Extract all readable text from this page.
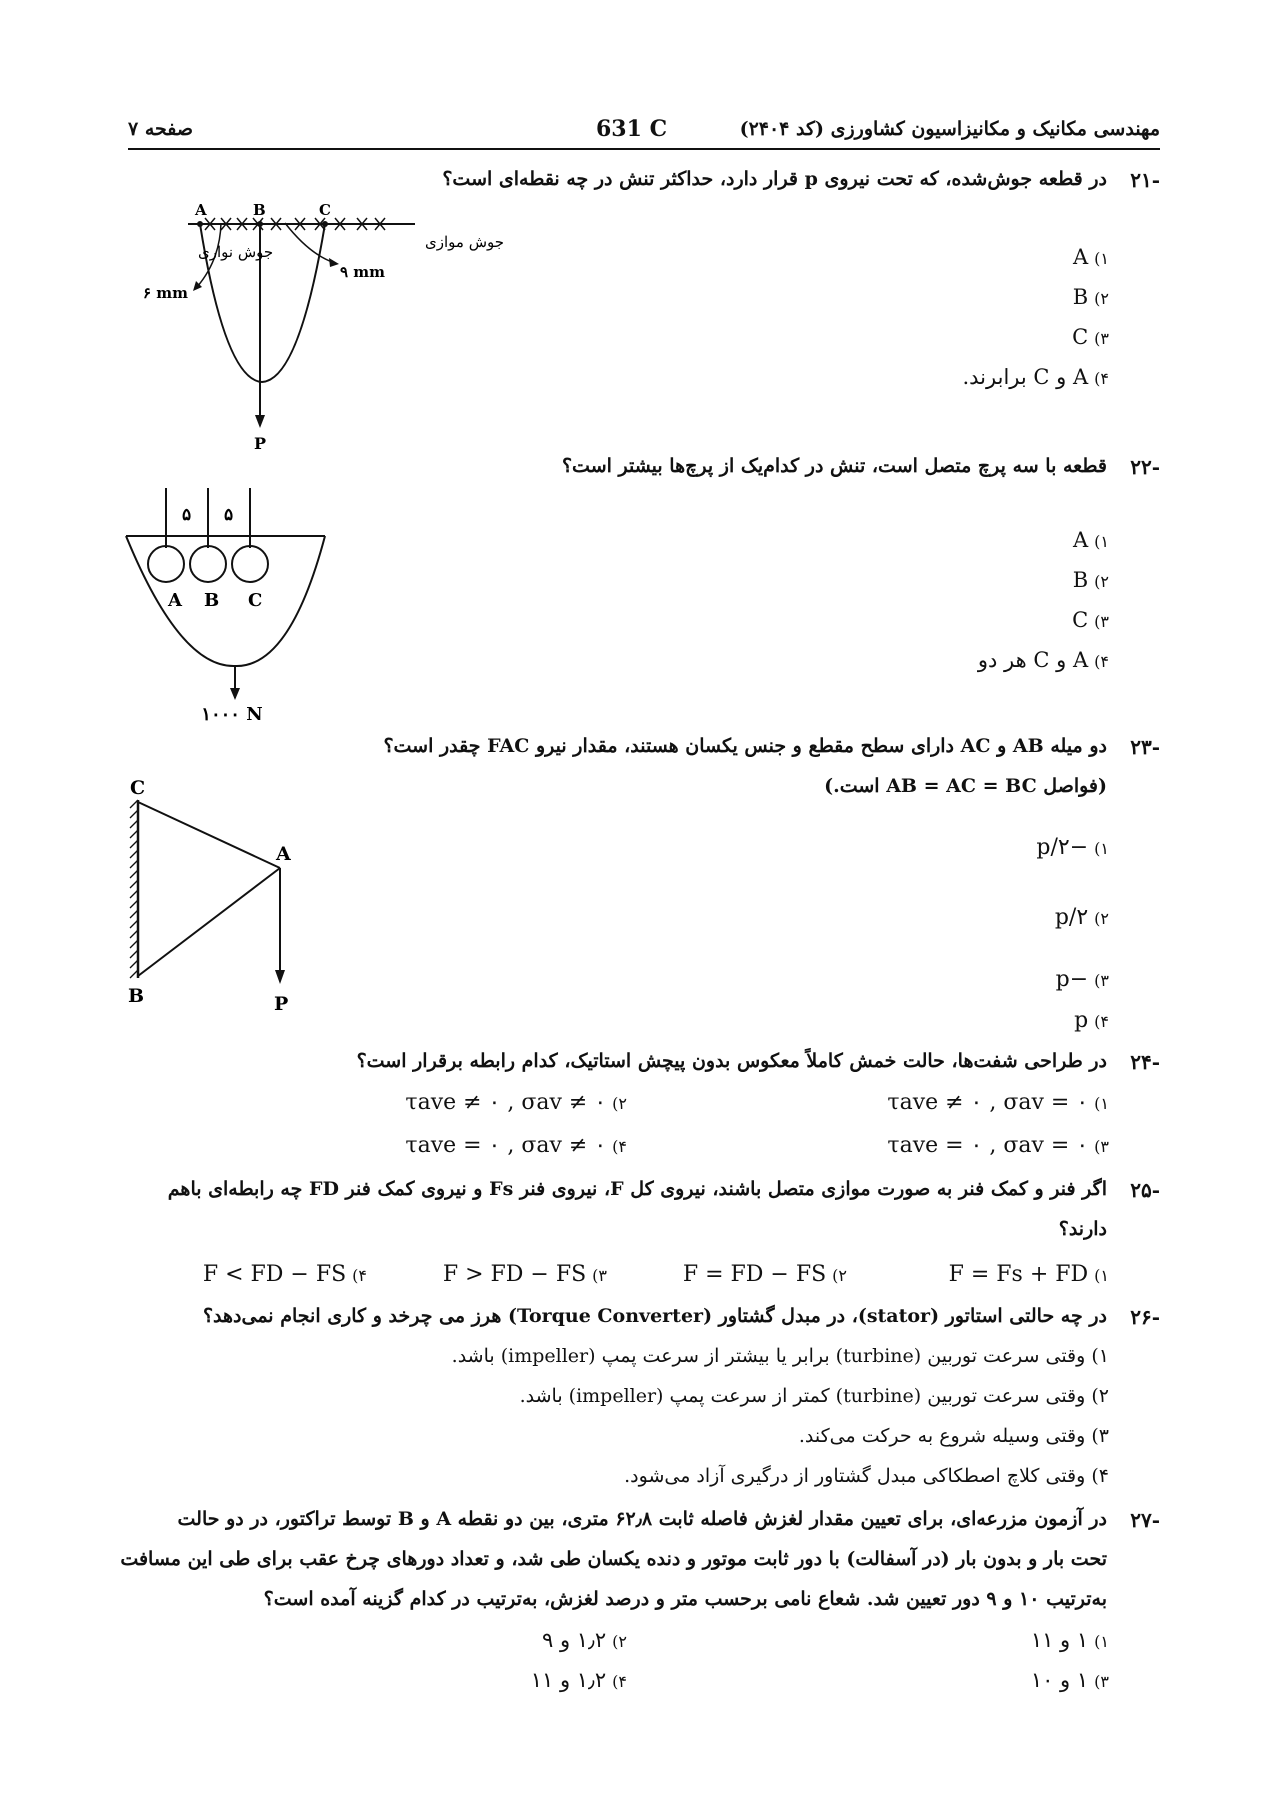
مهندسی مکانیک و مکانیزاسیون کشاورزی (کد ۲۴۰۴)
631 C
صفحه ۷
۲۱-
در قطعه جوش‌شده، که تحت نیروی p قرار دارد، حداکثر تنش در چه نقطه‌ای است؟
A	B	C
جوش نواری
جوش موازی
۶ mm
۹ mm
P
۱)A
۲)B
۳)C
۴)A و C برابرند.
۲۲-
قطعه با سه پرچ متصل است، تنش در کدام‌یک از پرچ‌ها بیشتر است؟
۵ ۵
A B C
۱۰۰۰ N
۱)A
۲)B
۳)C
۴)A و C هر دو
۲۳-
دو میله AB و AC دارای سطح مقطع و جنس یکسان هستند، مقدار نیرو FAC چقدر است؟
(فواصل AB = AC = BC است.)
C
A
B	P
۱)−p/۲
۲)p/۲
۳)−p
۴)p
۲۴-
در طراحی شفت‌ها، حالت خمش کاملاً معکوس بدون پیچش استاتیک، کدام رابطه برقرار است؟
۱)τave ≠ ۰ , σav = ۰
۲)τave ≠ ۰ , σav ≠ ۰
۳)τave = ۰ , σav = ۰
۴)τave = ۰ , σav ≠ ۰
۲۵-
اگر فنر و کمک فنر به صورت موازی متصل باشند، نیروی کل F، نیروی فنر Fs و نیروی کمک فنر FD چه رابطه‌ای باهم
دارند؟
۱)F = Fs + FD
۲)F = FD − FS
۳)F > FD − FS
۴)F < FD − FS
۲۶-
در چه حالتی استاتور (stator)، در مبدل گشتاور (Torque Converter) هرز می چرخد و کاری انجام نمی‌دهد؟
۱) وقتی سرعت توربین (turbine) برابر یا بیشتر از سرعت پمپ (impeller) باشد.
۲) وقتی سرعت توربین (turbine) کمتر از سرعت پمپ (impeller) باشد.
۳) وقتی وسیله شروع به حرکت می‌کند.
۴) وقتی کلاچ اصطکاکی مبدل گشتاور از درگیری آزاد می‌شود.
۲۷-
در آزمون مزرعه‌ای، برای تعیین مقدار لغزش فاصله ثابت ۶۲٫۸ متری، بین دو نقطه A و B توسط تراکتور، در دو حالت
تحت بار و بدون بار (در آسفالت) با دور ثابت موتور و دنده یکسان طی شد، و تعداد دورهای چرخ عقب برای طی این مسافت
به‌ترتیب ۱۰ و ۹ دور تعیین شد. شعاع نامی برحسب متر و درصد لغزش، به‌ترتیب در کدام گزینه آمده است؟
۱)۱ و ۱۱
۲)۱٫۲ و ۹
۳)۱ و ۱۰
۴)۱٫۲ و ۱۱
